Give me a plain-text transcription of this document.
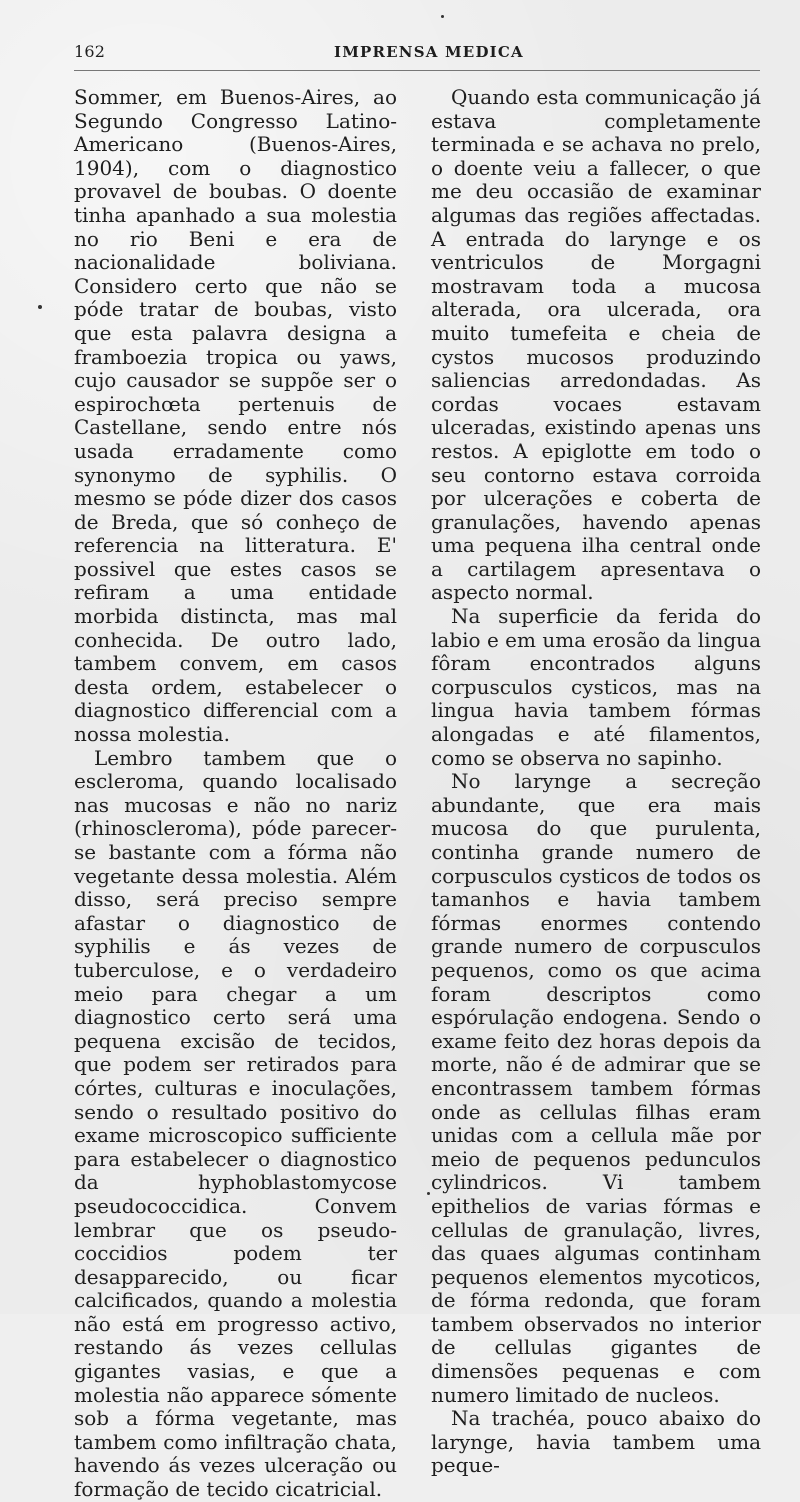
162	IMPRENSA MEDICA

Sommer, em Buenos-Aires, ao Segundo Congresso Latino-Americano (Buenos-Aires, 1904), com o diagnostico provavel de boubas. O doente tinha apanhado a sua molestia no rio Beni e era de nacionalidade boliviana. Considero certo que não se póde tratar de boubas, visto que esta palavra designa a framboezia tropica ou yaws, cujo causador se suppõe ser o espirochœta pertenuis de Castellane, sendo entre nós usada erradamente como synonymo de syphilis. O mesmo se póde dizer dos casos de Breda, que só conheço de referencia na litteratura. E' possivel que estes casos se refiram a uma entidade morbida distincta, mas mal conhecida. De outro lado, tambem convem, em casos desta ordem, estabelecer o diagnostico differencial com a nossa molestia.

Lembro tambem que o escleroma, quando localisado nas mucosas e não no nariz (rhinoscleroma), póde parecer-se bastante com a fórma não vegetante dessa molestia. Além disso, será preciso sempre afastar o diagnostico de syphilis e ás vezes de tuberculose, e o verdadeiro meio para chegar a um diagnostico certo será uma pequena excisão de tecidos, que podem ser retirados para córtes, culturas e inoculações, sendo o resultado positivo do exame microscopico sufficiente para estabelecer o diagnostico da hyphoblastomycose pseudococcidica. Convem lembrar que os pseudo-coccidios podem ter desapparecido, ou ficar calcificados, quando a molestia não está em progresso activo, restando ás vezes cellulas gigantes vasias, e que a molestia não apparece sómente sob a fórma vegetante, mas tambem como infiltração chata, havendo ás vezes ulceração ou formação de tecido cicatricial.

Quando esta communicação já estava completamente terminada e se achava no prelo, o doente veiu a fallecer, o que me deu occasião de examinar algumas das regiões affectadas. A entrada do larynge e os ventriculos de Morgagni mostravam toda a mucosa alterada, ora ulcerada, ora muito tumefeita e cheia de cystos mucosos produzindo saliencias arredondadas. As cordas vocaes estavam ulceradas, existindo apenas uns restos. A epiglotte em todo o seu contorno estava corroida por ulcerações e coberta de granulações, havendo apenas uma pequena ilha central onde a cartilagem apresentava o aspecto normal.

Na superficie da ferida do labio e em uma erosão da lingua fôram encontrados alguns corpusculos cysticos, mas na lingua havia tambem fórmas alongadas e até filamentos, como se observa no sapinho.

No larynge a secreção abundante, que era mais mucosa do que purulenta, continha grande numero de corpusculos cysticos de todos os tamanhos e havia tambem fórmas enormes contendo grande numero de corpusculos pequenos, como os que acima foram descriptos como espórulação endogena. Sendo o exame feito dez horas depois da morte, não é de admirar que se encontrassem tambem fórmas onde as cellulas filhas eram unidas com a cellula mãe por meio de pequenos pedunculos cylindricos. Vi tambem epithelios de varias fórmas e cellulas de granulação, livres, das quaes algumas continham pequenos elementos mycoticos, de fórma redonda, que foram tambem observados no interior de cellulas gigantes de dimensões pequenas e com numero limitado de nucleos.

Na trachéa, pouco abaixo do larynge, havia tambem uma peque-
